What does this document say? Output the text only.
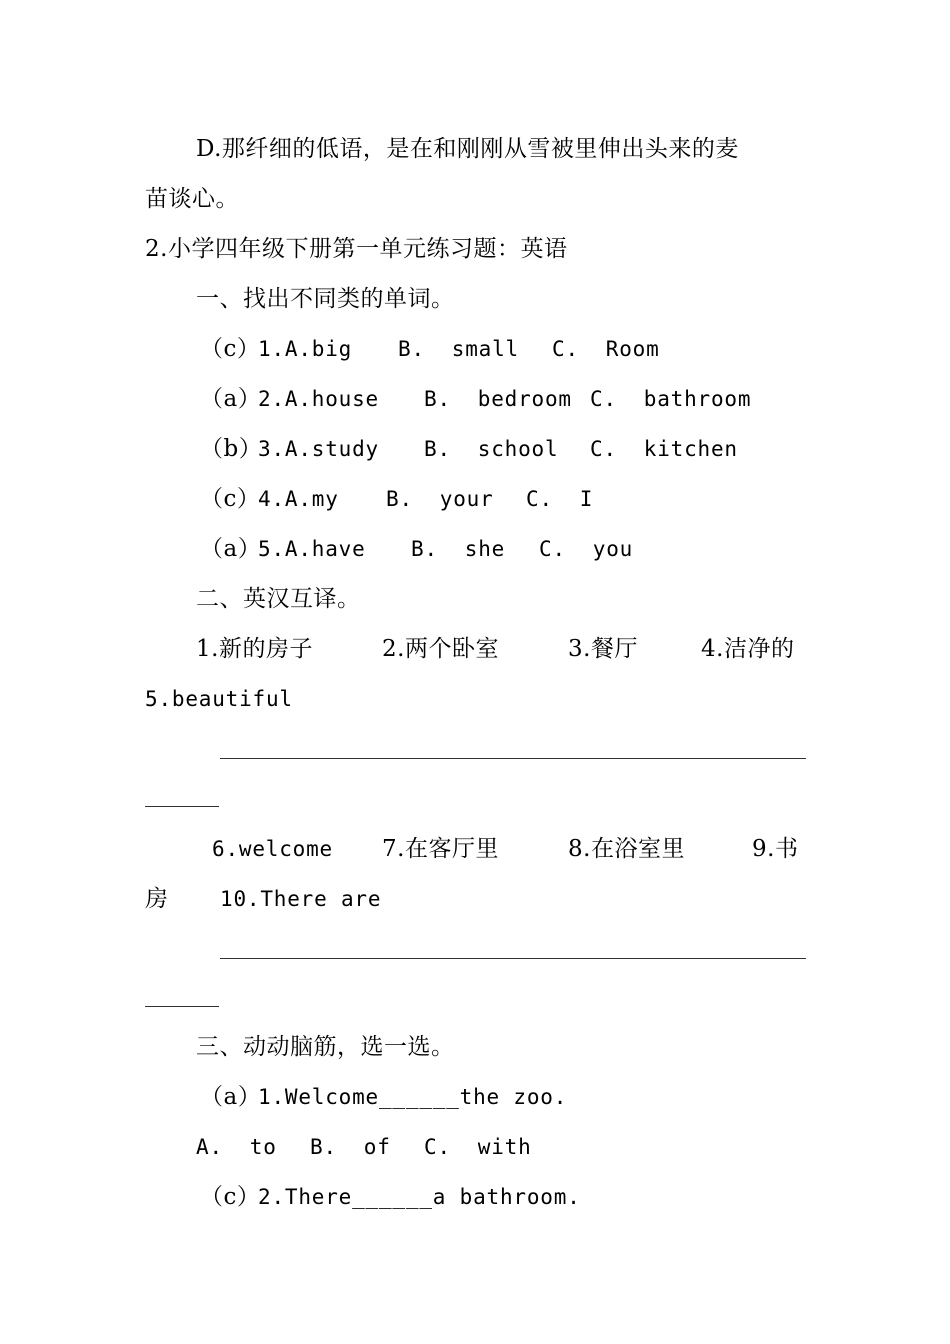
D.那纤细的低语，是在和刚刚从雪被里伸出头来的麦
苗谈心。
2.小学四年级下册第一单元练习题：英语
一、找出不同类的单词。
（c）
1.A.big B.  small C.  Room
（a）
2.A.house B.  bedroom C.  bathroom
（b）
3.A.study B.  school C.  kitchen
（c）
4.A.my B.  your C.  I
（a）
5.A.have B.  she C.  you
二、英汉互译。
1.新的房子	2.两个卧室	3.餐厅	4.洁净的
5.beautiful
6.welcome 7.在客厅里	8.在浴室里	9.书
房 10.There are
三、动动脑筋，选一选。
（a）
1.Welcome______the zoo.
A.  to B.  of C.  with
（c）
2.There______a bathroom.
